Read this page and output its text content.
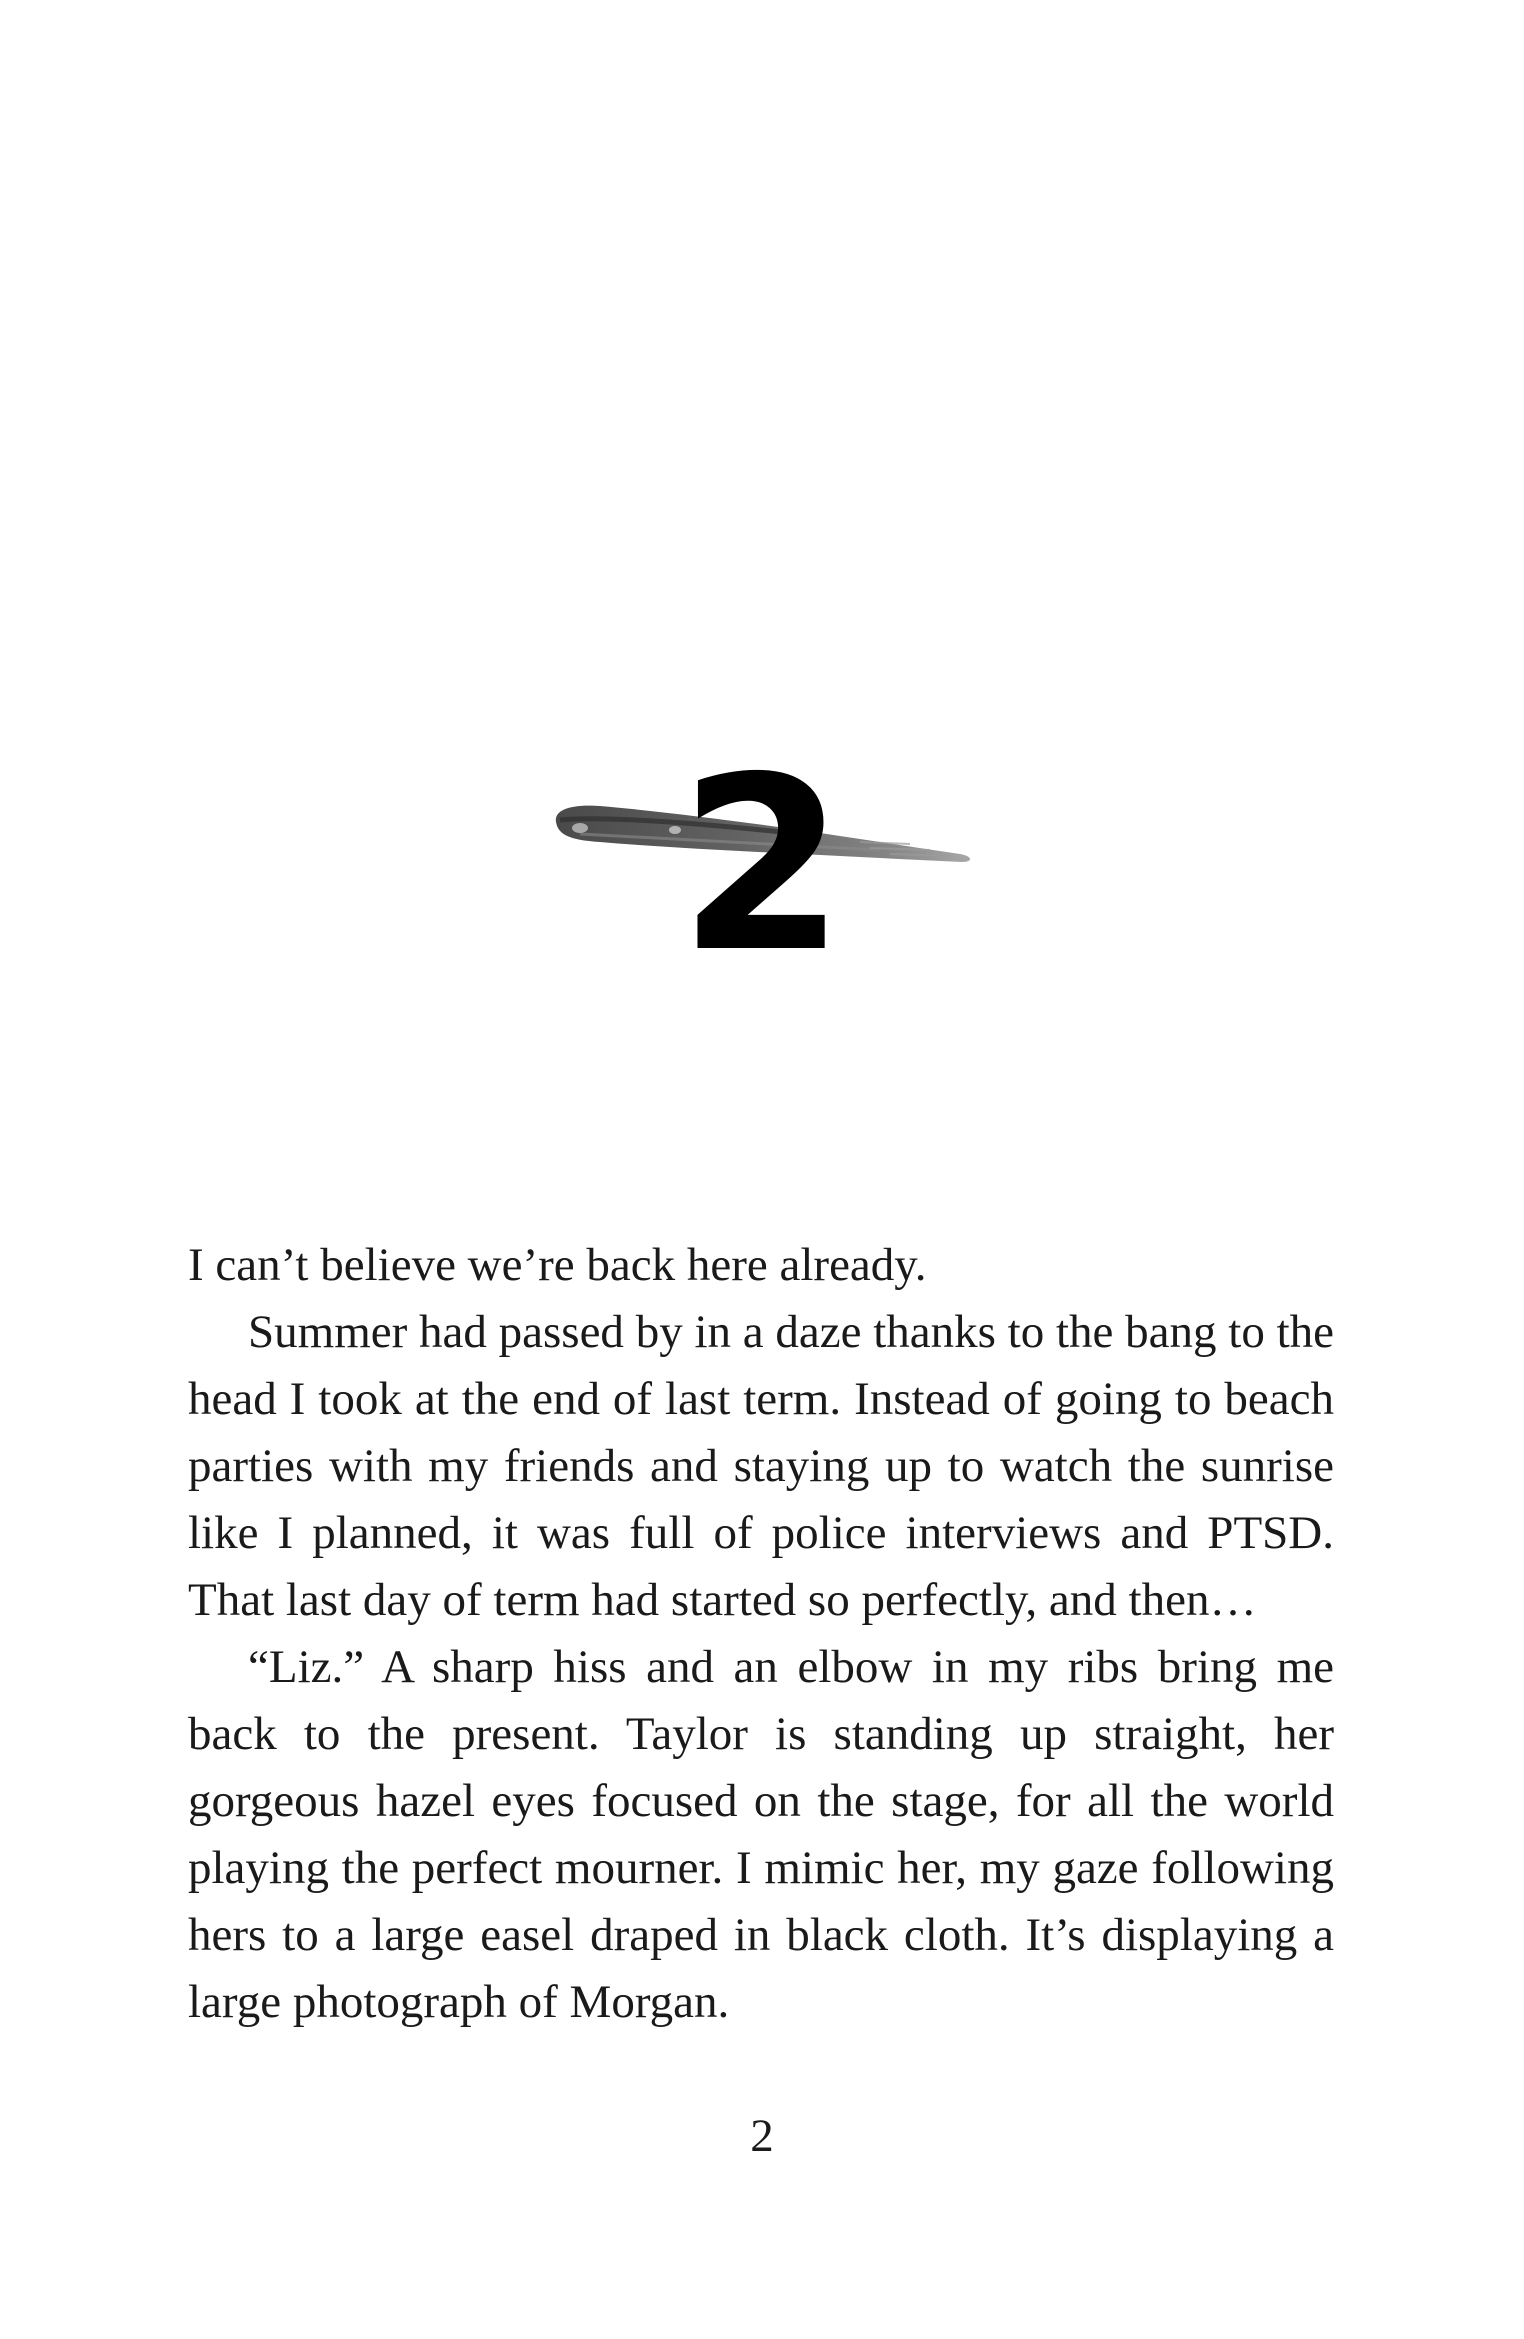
2

I can’t believe we’re back here already.

Summer had passed by in a daze thanks to the bang to the head I took at the end of last term. Instead of going to beach parties with my friends and staying up to watch the sunrise like I planned, it was full of police interviews and PTSD. That last day of term had started so perfectly, and then…

“Liz.” A sharp hiss and an elbow in my ribs bring me back to the present. Taylor is standing up straight, her gorgeous hazel eyes focused on the stage, for all the world playing the perfect mourner. I mimic her, my gaze following hers to a large easel draped in black cloth. It’s displaying a large photograph of Morgan.

2
